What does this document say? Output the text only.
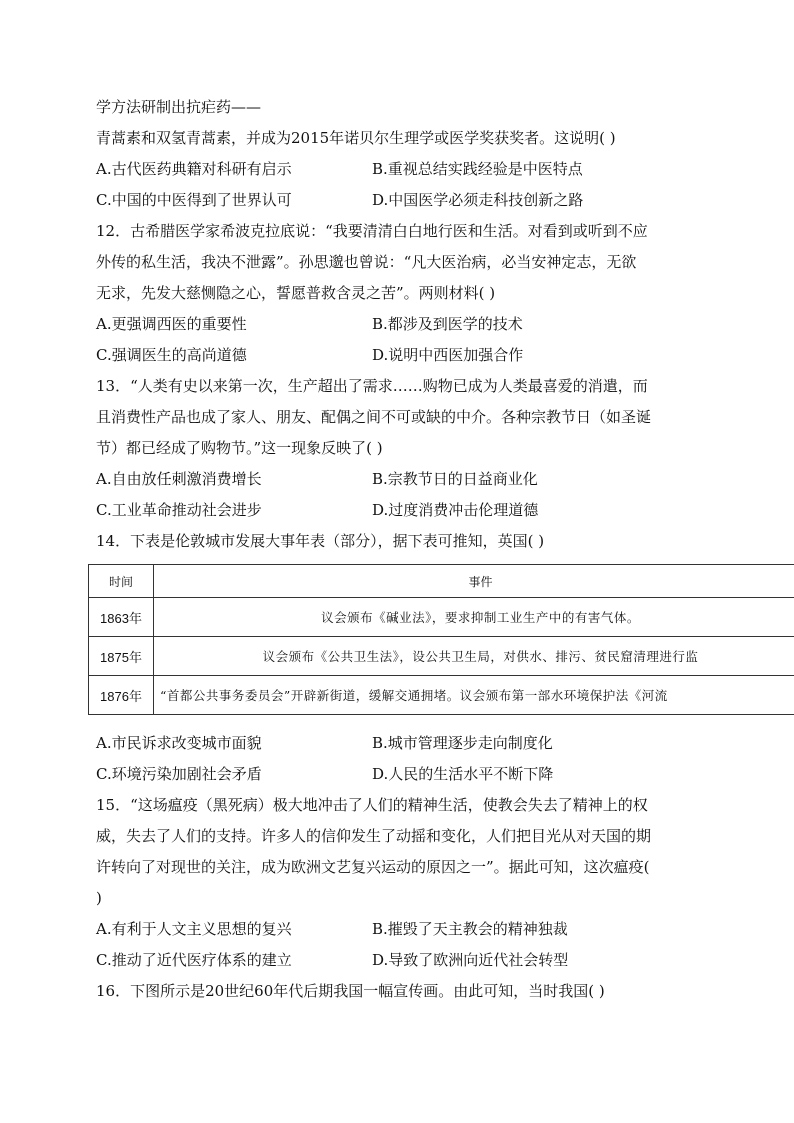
学方法研制出抗疟药——
青蒿素和双氢青蒿素，并成为2015年诺贝尔生理学或医学奖获奖者。这说明( )
A.古代医药典籍对科研有启示	B.重视总结实践经验是中医特点
C.中国的中医得到了世界认可	D.中国医学必须走科技创新之路
12．古希腊医学家希波克拉底说：“我要清清白白地行医和生活。对看到或听到不应
外传的私生活，我决不泄露”。孙思邈也曾说：“凡大医治病，必当安神定志，无欲
无求，先发大慈恻隐之心，誓愿普救含灵之苦”。两则材料( )
A.更强调西医的重要性	B.都涉及到医学的技术
C.强调医生的高尚道德	D.说明中西医加强合作
13．“人类有史以来第一次，生产超出了需求……购物已成为人类最喜爱的消遣，而
且消费性产品也成了家人、朋友、配偶之间不可或缺的中介。各种宗教节日（如圣诞
节）都已经成了购物节。”这一现象反映了( )
A.自由放任刺激消费增长	B.宗教节日的日益商业化
C.工业革命推动社会进步	D.过度消费冲击伦理道德
14．下表是伦敦城市发展大事年表（部分），据下表可推知，英国( )
时间	事件
1863年	议会颁布《碱业法》，要求抑制工业生产中的有害气体。
1875年	议会颁布《公共卫生法》，设公共卫生局，对供水、排污、贫民窟清理进行监
1876年	“首都公共事务委员会”开辟新街道，缓解交通拥堵。议会颁布第一部水环境保护法《河流
A.市民诉求改变城市面貌	B.城市管理逐步走向制度化
C.环境污染加剧社会矛盾	D.人民的生活水平不断下降
15．“这场瘟疫（黑死病）极大地冲击了人们的精神生活，使教会失去了精神上的权
威，失去了人们的支持。许多人的信仰发生了动摇和变化，人们把目光从对天国的期
许转向了对现世的关注，成为欧洲文艺复兴运动的原因之一”。据此可知，这次瘟疫(
)
A.有利于人文主义思想的复兴	B.摧毁了天主教会的精神独裁
C.推动了近代医疗体系的建立	D.导致了欧洲向近代社会转型
16．下图所示是20世纪60年代后期我国一幅宣传画。由此可知，当时我国( )
